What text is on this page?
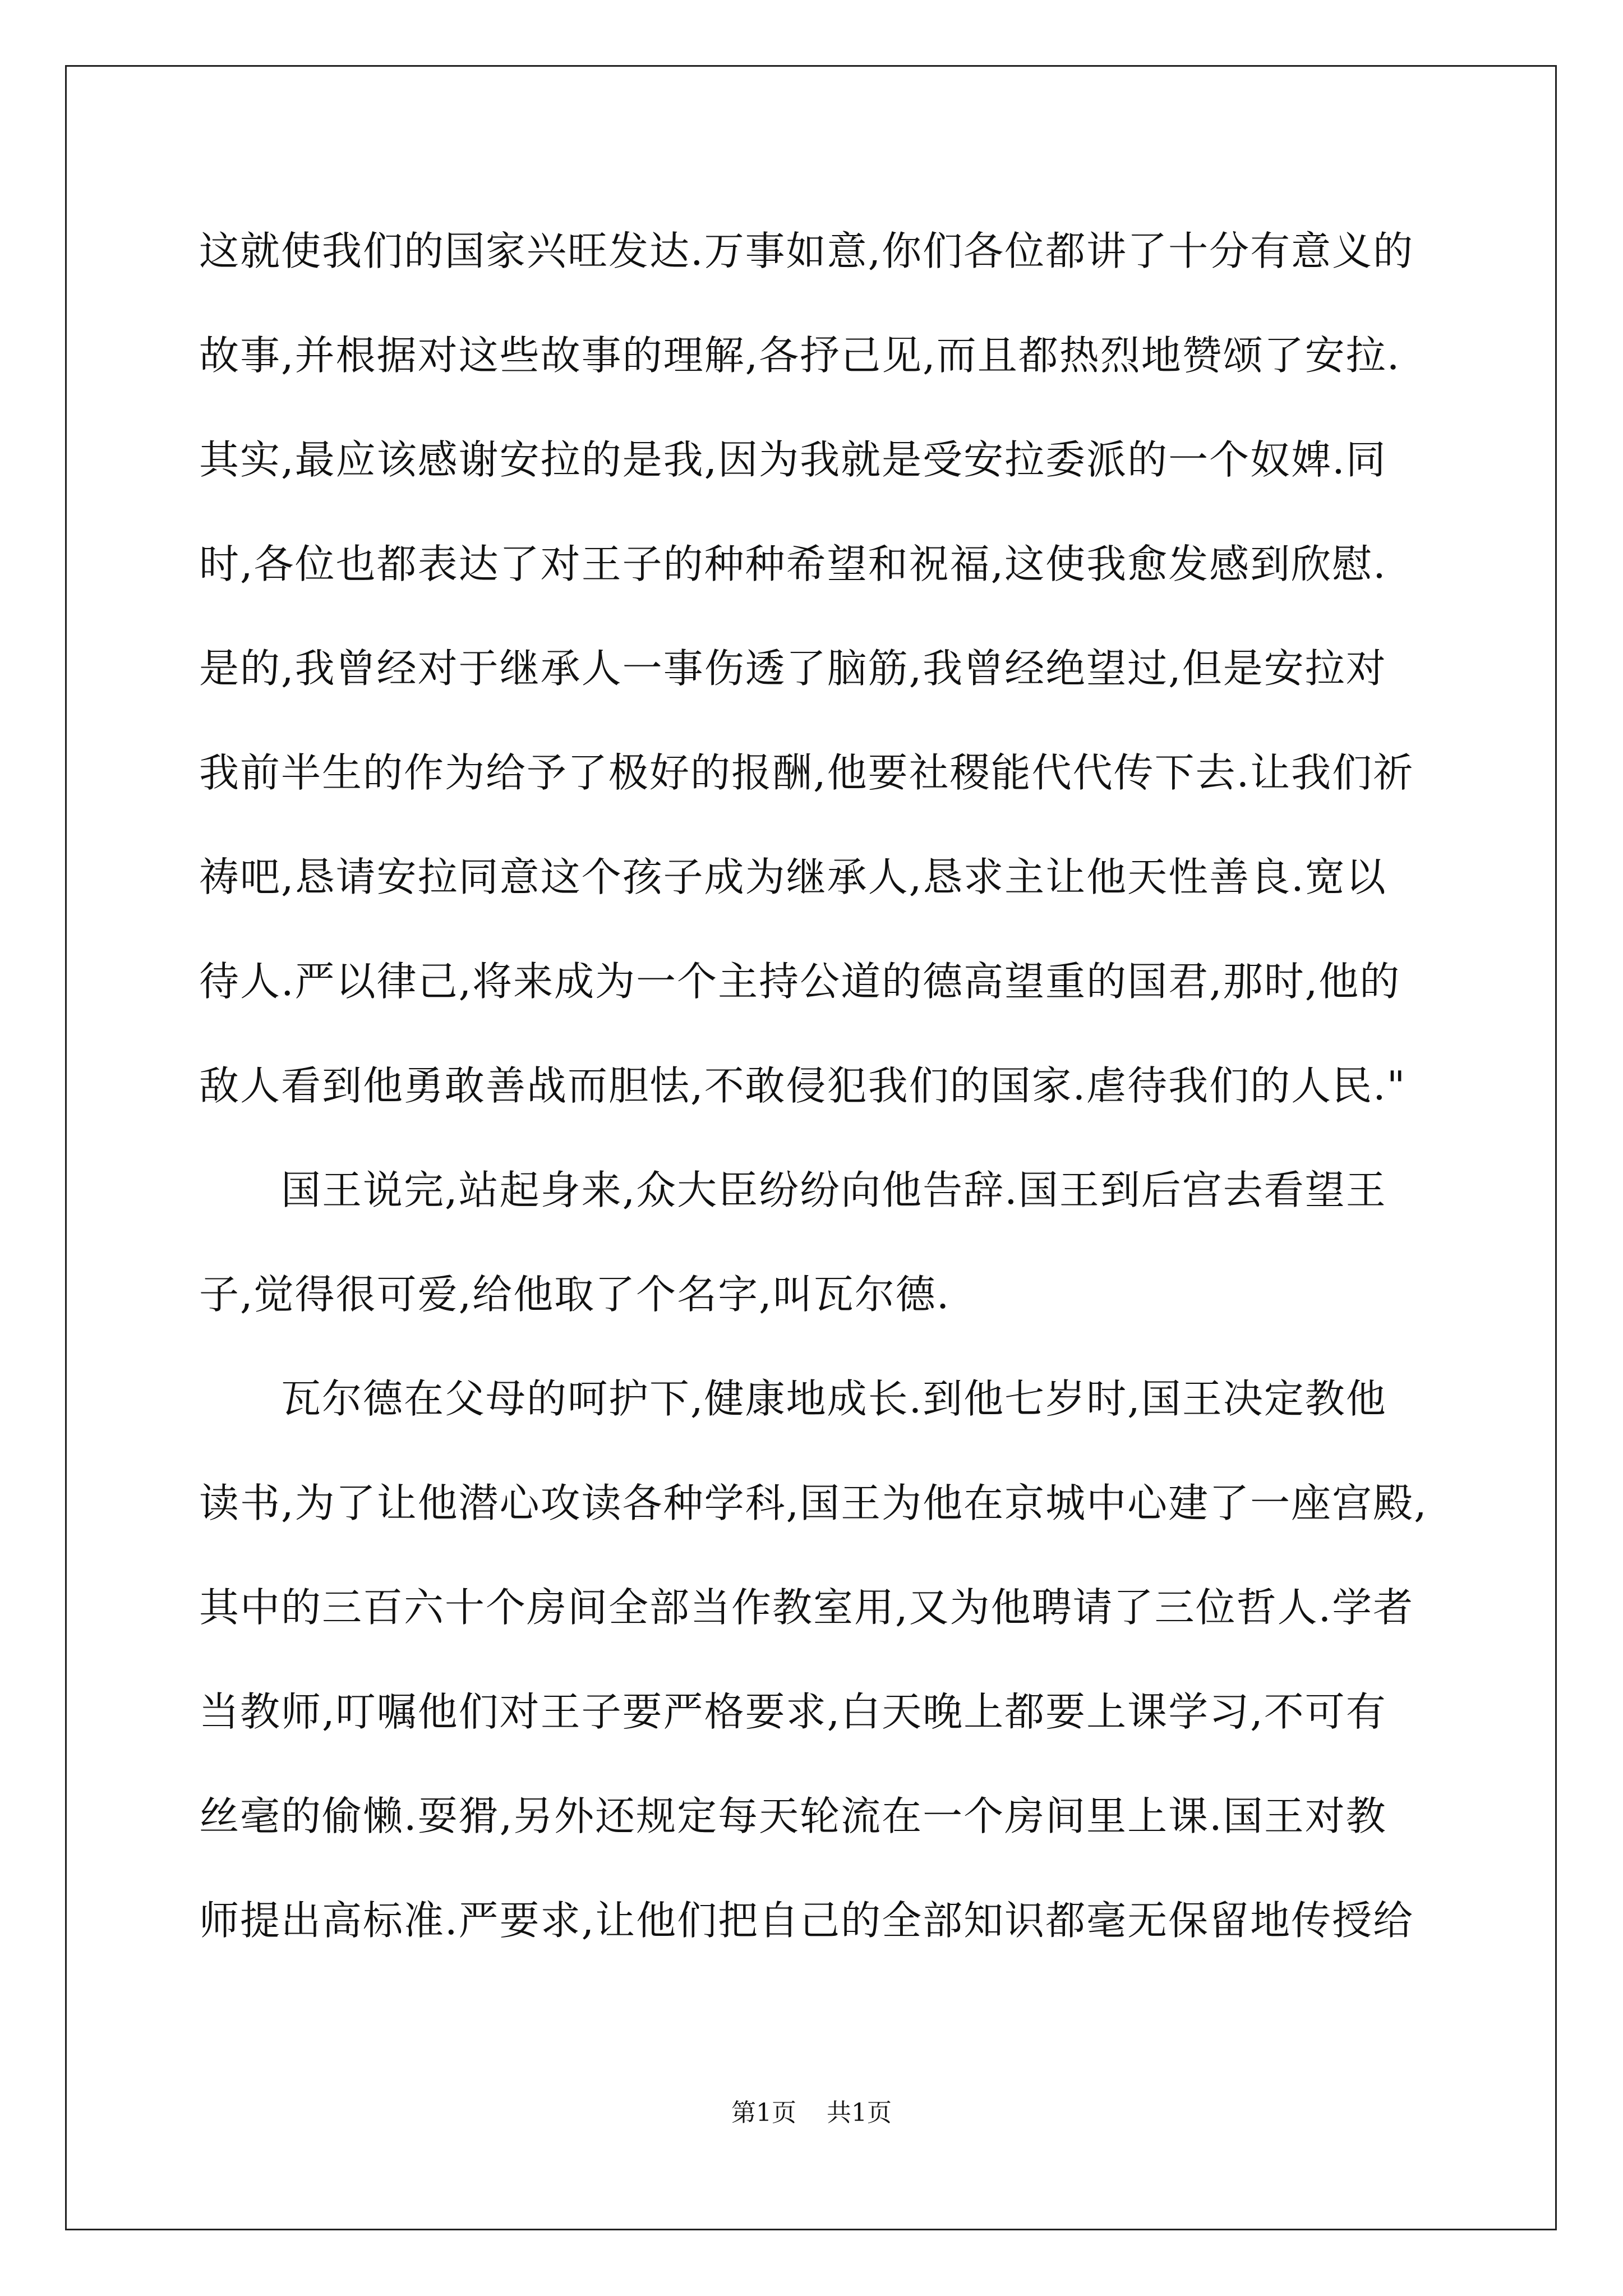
这就使我们的国家兴旺发达.万事如意,你们各位都讲了十分有意义的
故事,并根据对这些故事的理解,各抒己见,而且都热烈地赞颂了安拉.
其实,最应该感谢安拉的是我,因为我就是受安拉委派的一个奴婢.同
时,各位也都表达了对王子的种种希望和祝福,这使我愈发感到欣慰.
是的,我曾经对于继承人一事伤透了脑筋,我曾经绝望过,但是安拉对
我前半生的作为给予了极好的报酬,他要社稷能代代传下去.让我们祈
祷吧,恳请安拉同意这个孩子成为继承人,恳求主让他天性善良.宽以
待人.严以律己,将来成为一个主持公道的德高望重的国君,那时,他的
敌人看到他勇敢善战而胆怯,不敢侵犯我们的国家.虐待我们的人民."
　　国王说完,站起身来,众大臣纷纷向他告辞.国王到后宫去看望王
子,觉得很可爱,给他取了个名字,叫瓦尔德.
　　瓦尔德在父母的呵护下,健康地成长.到他七岁时,国王决定教他
读书,为了让他潜心攻读各种学科,国王为他在京城中心建了一座宫殿,
其中的三百六十个房间全部当作教室用,又为他聘请了三位哲人.学者
当教师,叮嘱他们对王子要严格要求,白天晚上都要上课学习,不可有
丝毫的偷懒.耍猾,另外还规定每天轮流在一个房间里上课.国王对教
师提出高标准.严要求,让他们把自己的全部知识都毫无保留地传授给
第1页 共1页
